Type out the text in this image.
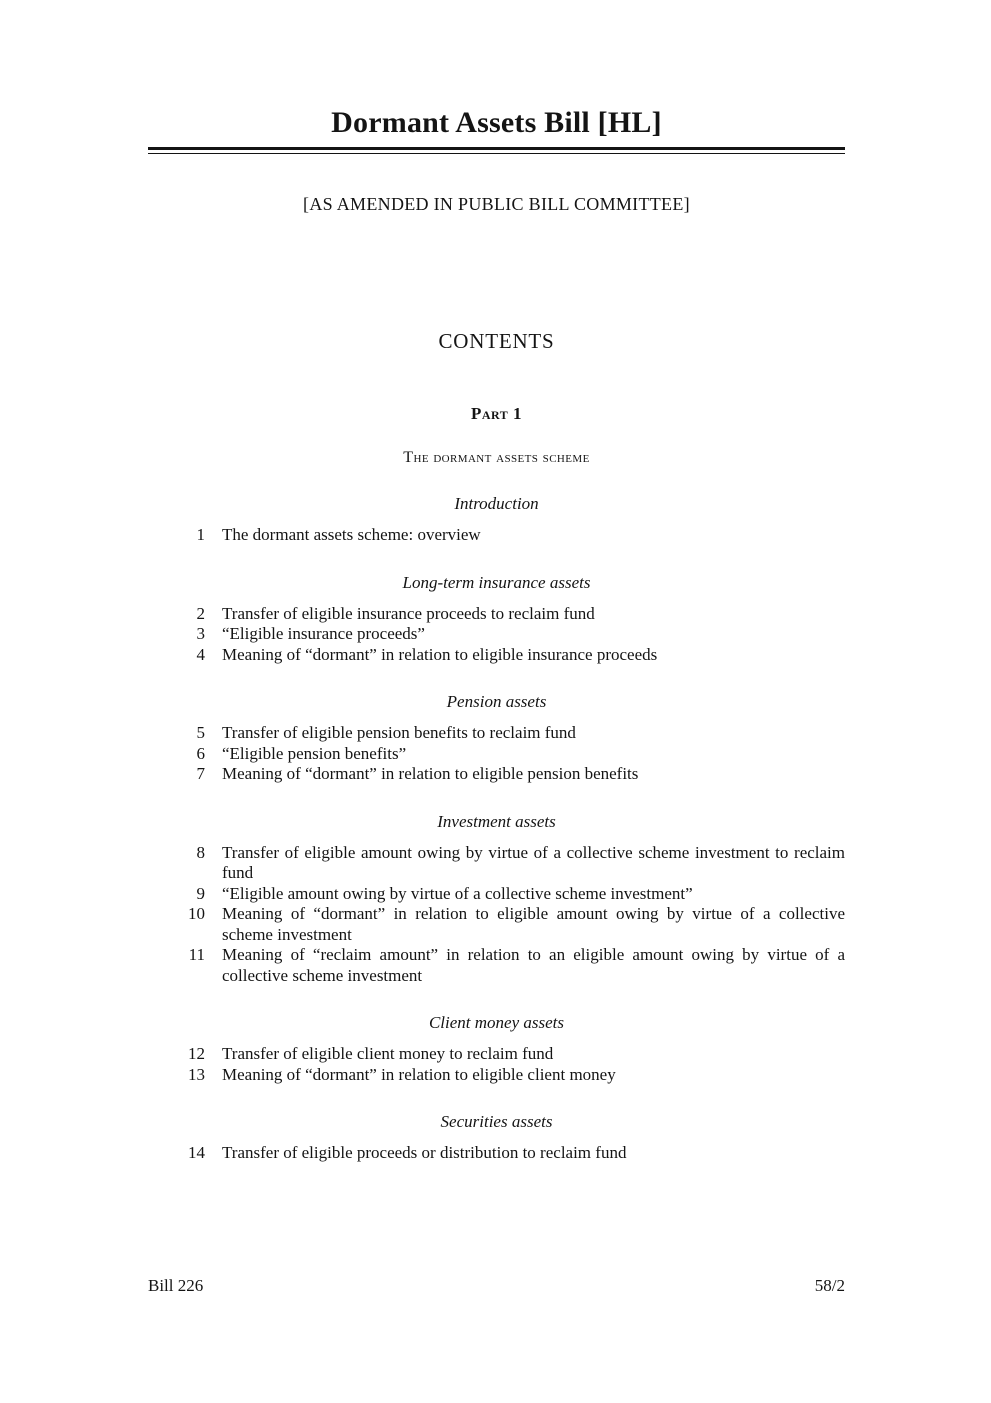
Dormant Assets Bill [HL]
[AS AMENDED IN PUBLIC BILL COMMITTEE]
CONTENTS
Part 1
The dormant assets scheme
Introduction
1	The dormant assets scheme: overview
Long-term insurance assets
2	Transfer of eligible insurance proceeds to reclaim fund
3	“Eligible insurance proceeds”
4	Meaning of “dormant” in relation to eligible insurance proceeds
Pension assets
5	Transfer of eligible pension benefits to reclaim fund
6	“Eligible pension benefits”
7	Meaning of “dormant” in relation to eligible pension benefits
Investment assets
8	Transfer of eligible amount owing by virtue of a collective scheme investment to reclaim fund
9	“Eligible amount owing by virtue of a collective scheme investment”
10	Meaning of “dormant” in relation to eligible amount owing by virtue of a collective scheme investment
11	Meaning of “reclaim amount” in relation to an eligible amount owing by virtue of a collective scheme investment
Client money assets
12	Transfer of eligible client money to reclaim fund
13	Meaning of “dormant” in relation to eligible client money
Securities assets
14	Transfer of eligible proceeds or distribution to reclaim fund
Bill 226	58/2
